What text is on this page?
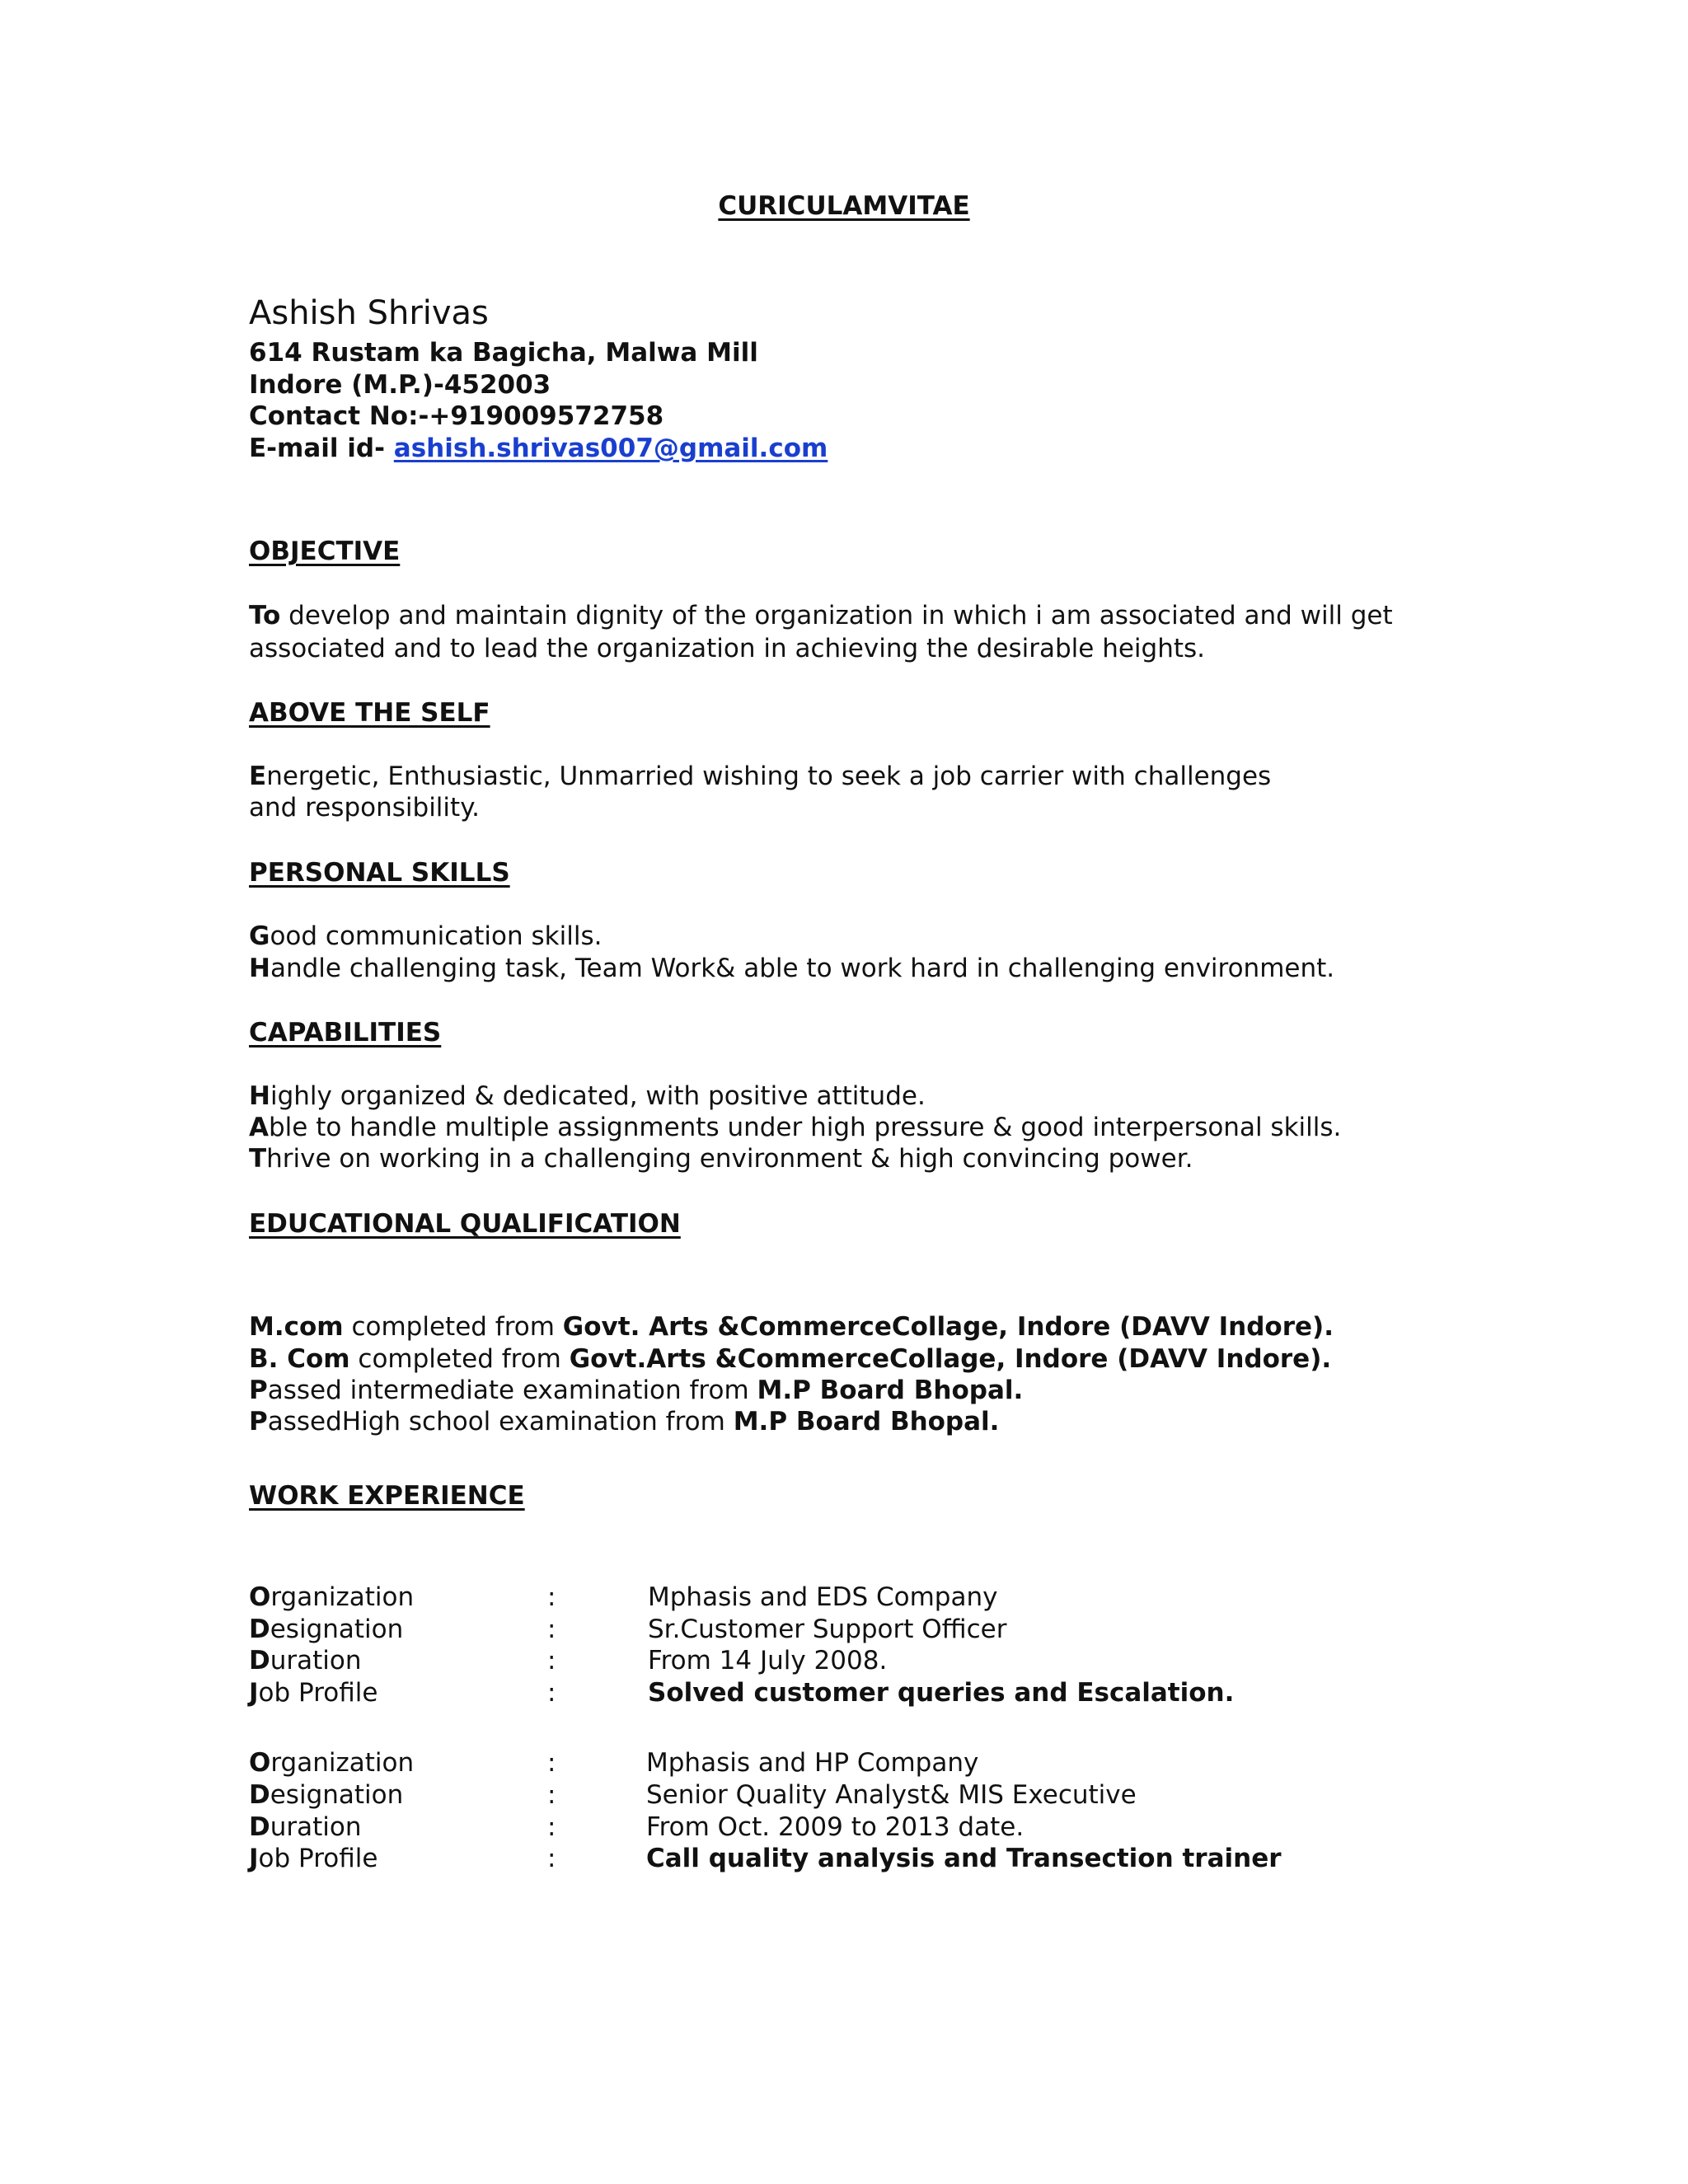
CURICULAMVITAE
Ashish Shrivas
614 Rustam ka Bagicha, Malwa Mill
Indore (M.P.)-452003
Contact No:-+919009572758
E-mail id- ashish.shrivas007@gmail.com
OBJECTIVE
To develop and maintain dignity of the organization in which i am associated and will get associated and to lead the organization in achieving the desirable heights.
ABOVE THE SELF
Energetic, Enthusiastic, Unmarried wishing to seek a job carrier with challenges and responsibility.
PERSONAL SKILLS
Good communication skills.
Handle challenging task, Team Work& able to work hard in challenging environment.
CAPABILITIES
Highly organized & dedicated, with positive attitude.
Able to handle multiple assignments under high pressure & good interpersonal skills.
Thrive on working in a challenging environment & high convincing power.
EDUCATIONAL QUALIFICATION
M.com completed from Govt. Arts &CommerceCollage, Indore (DAVV Indore).
B. Com completed from Govt.Arts &CommerceCollage, Indore (DAVV Indore).
Passed intermediate examination from M.P Board Bhopal.
PassedHigh school examination from M.P Board Bhopal.
WORK EXPERIENCE
Organization	:	Mphasis and EDS Company
Designation	:	Sr.Customer Support Officer
Duration	:	From 14 July 2008.
Job Profile	:	Solved customer queries and Escalation.
Organization	:	Mphasis and HP Company
Designation	:	Senior Quality Analyst& MIS Executive
Duration	:	From Oct. 2009 to 2013 date.
Job Profile	:	Call quality analysis and Transection trainer
